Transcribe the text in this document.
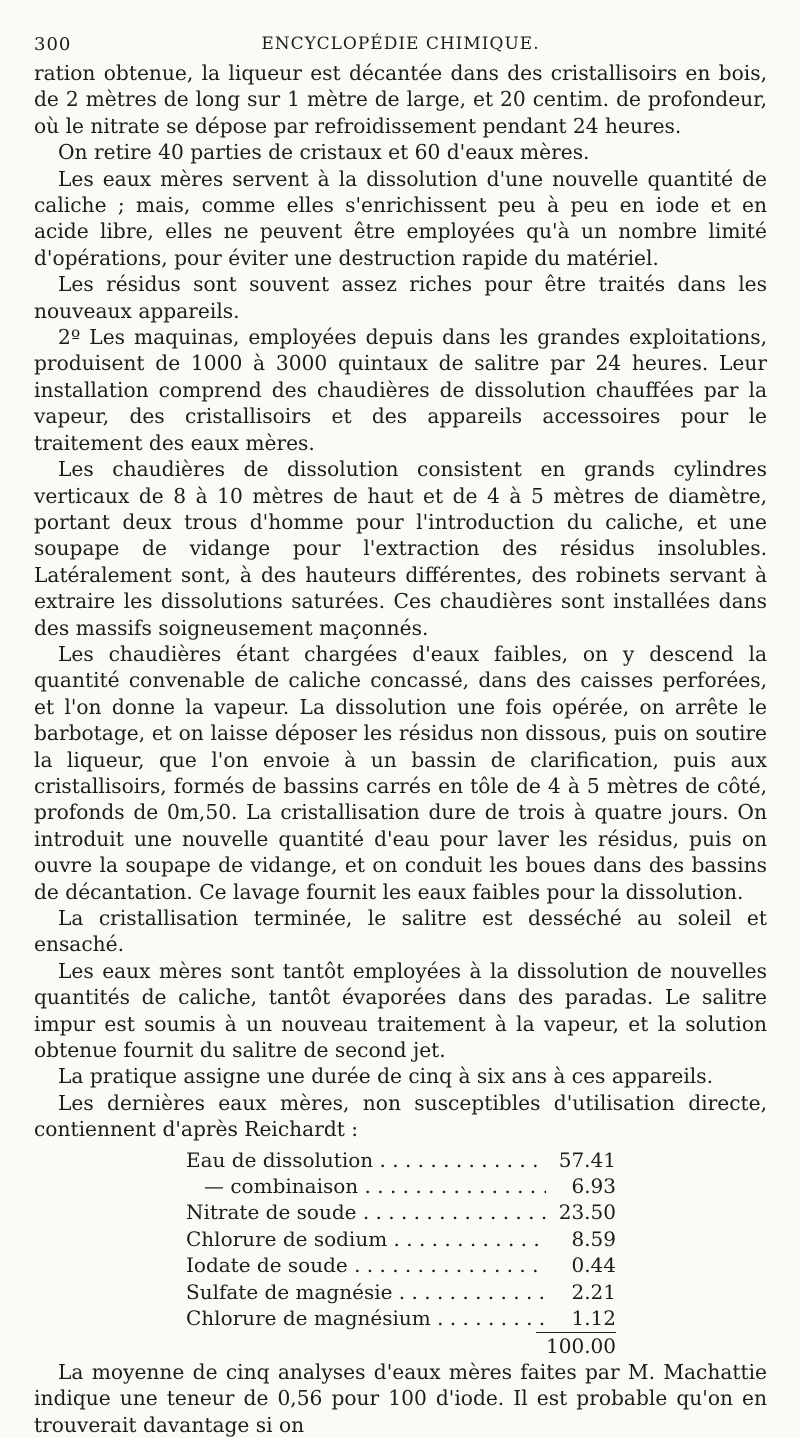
300	ENCYCLOPÉDIE CHIMIQUE.

ration obtenue, la liqueur est décantée dans des cristallisoirs en bois, de 2 mètres de long sur 1 mètre de large, et 20 centim. de profondeur, où le nitrate se dépose par refroidissement pendant 24 heures.

On retire 40 parties de cristaux et 60 d'eaux mères.

Les eaux mères servent à la dissolution d'une nouvelle quantité de caliche ; mais, comme elles s'enrichissent peu à peu en iode et en acide libre, elles ne peuvent être employées qu'à un nombre limité d'opérations, pour éviter une destruction rapide du matériel.

Les résidus sont souvent assez riches pour être traités dans les nouveaux appareils.

2º Les maquinas, employées depuis dans les grandes exploitations, produisent de 1000 à 3000 quintaux de salitre par 24 heures. Leur installation comprend des chaudières de dissolution chauffées par la vapeur, des cristallisoirs et des appareils accessoires pour le traitement des eaux mères.

Les chaudières de dissolution consistent en grands cylindres verticaux de 8 à 10 mètres de haut et de 4 à 5 mètres de diamètre, portant deux trous d'homme pour l'introduction du caliche, et une soupape de vidange pour l'extraction des résidus insolubles. Latéralement sont, à des hauteurs différentes, des robinets servant à extraire les dissolutions saturées. Ces chaudières sont installées dans des massifs soigneusement maçonnés.

Les chaudières étant chargées d'eaux faibles, on y descend la quantité convenable de caliche concassé, dans des caisses perforées, et l'on donne la vapeur. La dissolution une fois opérée, on arrête le barbotage, et on laisse déposer les résidus non dissous, puis on soutire la liqueur, que l'on envoie à un bassin de clarification, puis aux cristallisoirs, formés de bassins carrés en tôle de 4 à 5 mètres de côté, profonds de 0m,50. La cristallisation dure de trois à quatre jours. On introduit une nouvelle quantité d'eau pour laver les résidus, puis on ouvre la soupape de vidange, et on conduit les boues dans des bassins de décantation. Ce lavage fournit les eaux faibles pour la dissolution.

La cristallisation terminée, le salitre est desséché au soleil et ensaché.

Les eaux mères sont tantôt employées à la dissolution de nouvelles quantités de caliche, tantôt évaporées dans des paradas. Le salitre impur est soumis à un nouveau traitement à la vapeur, et la solution obtenue fournit du salitre de second jet.

La pratique assigne une durée de cinq à six ans à ces appareils.

Les dernières eaux mères, non susceptibles d'utilisation directe, contiennent d'après Reichardt :

Eau de dissolution . . .	57.41
— combinaison . . .	6.93
Nitrate de soude . . .	23.50
Chlorure de sodium . . .	8.59
Iodate de soude . . .	0.44
Sulfate de magnésie . . .	2.21
Chlorure de magnésium . . .	1.12
100.00

La moyenne de cinq analyses d'eaux mères faites par M. Machattie indique une teneur de 0,56 pour 100 d'iode. Il est probable qu'on en trouverait davantage si on
